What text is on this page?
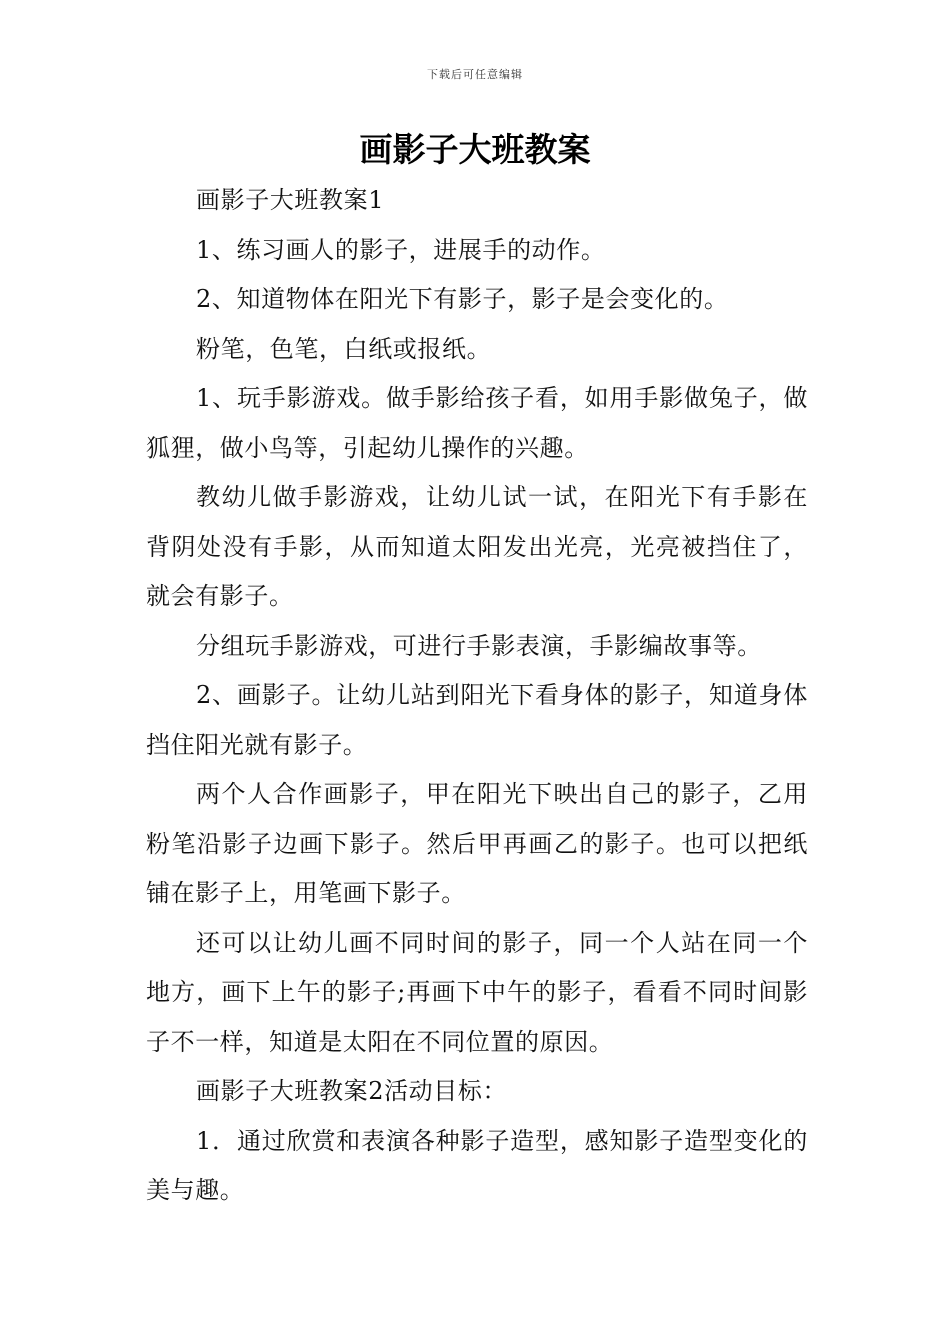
下载后可任意编辑
画影子大班教案

画影子大班教案1

1、练习画人的影子，进展手的动作。

2、知道物体在阳光下有影子，影子是会变化的。

粉笔，色笔，白纸或报纸。

1、玩手影游戏。做手影给孩子看，如用手影做兔子，做狐狸，做小鸟等，引起幼儿操作的兴趣。

教幼儿做手影游戏，让幼儿试一试，在阳光下有手影在背阴处没有手影，从而知道太阳发出光亮，光亮被挡住了，就会有影子。

分组玩手影游戏，可进行手影表演，手影编故事等。

2、画影子。让幼儿站到阳光下看身体的影子，知道身体挡住阳光就有影子。

两个人合作画影子，甲在阳光下映出自己的影子，乙用粉笔沿影子边画下影子。然后甲再画乙的影子。也可以把纸铺在影子上，用笔画下影子。

还可以让幼儿画不同时间的影子，同一个人站在同一个地方，画下上午的影子;再画下中午的影子，看看不同时间影子不一样，知道是太阳在不同位置的原因。

画影子大班教案2活动目标：

1．通过欣赏和表演各种影子造型，感知影子造型变化的美与趣。
